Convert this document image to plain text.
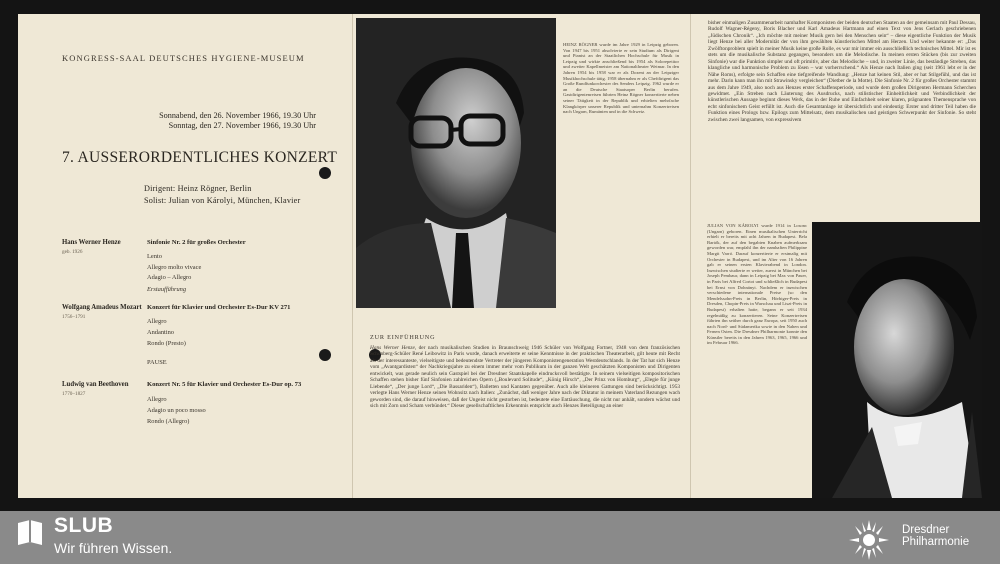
KONGRESS-SAAL DEUTSCHES HYGIENE-MUSEUM
Sonnabend, den 26. November 1966, 19.30 Uhr
Sonntag, den 27. November 1966, 19.30 Uhr
7. AUSSERORDENTLICHES KONZERT
Dirigent: Heinz Rögner, Berlin
Solist: Julian von Károlyi, München, Klavier
Hans Werner Henze
geb. 1926
Sinfonie Nr. 2 für großes Orchester
Lento
Allegro molto vivace
Adagio – Allegro
Erstaufführung
Wolfgang Amadeus Mozart
1756–1791
Konzert für Klavier und Orchester Es-Dur KV 271
Allegro
Andantino
Rondo (Presto)
PAUSE
Ludwig van Beethoven
1770–1827
Konzert Nr. 5 für Klavier und Orchester Es-Dur op. 73
Allegro
Adagio un poco mosso
Rondo (Allegro)
HEINZ RÖGNER wurde im Jahre 1929 in Leipzig geboren. Von 1947 bis 1951 absolvierte er sein Studium als Dirigent und Pianist an der Staatlichen Hochschule für Musik in Leipzig und wirkte anschließend bis 1954 als Solorepetitor und zweiter Kapellmeister am Nationaltheater Weimar. In den Jahren 1954 bis 1958 war er als Dozent an der Leipziger Musikhochschule tätig. 1958 übernahm er als Chefdirigent das Große Rundfunkorchester des Senders Leipzig. 1962 wurde er an die Deutsche Staatsoper Berlin berufen. Gastdirigentenreisen führten Heinz Rögner konzertierte neben seiner Tätigkeit in der Republik und erhielten mehrfache Klangkörper unserer Republik und unternahm Konzertreisen nach Ungarn, Rumänien und in die Schweiz.
ZUR EINFÜHRUNG
Hans Werner Henze, der nach musikalischen Studien in Braunschweig 1946 Schüler von Wolfgang Fortner, 1948 von dem französischen Schönberg-Schüler René Leibowitz in Paris wurde, danach erweiterte er seine Kenntnisse in der praktischen Theaterarbeit, gilt heute mit Recht als der interessanteste, vielseitigste und bedeutendste Vertreter der jüngeren Komponistengeneration Westdeutschlands. In der Tat hat sich Henze vom „Avantgardisten“ der Nachkriegsjahre zu einem immer mehr vom Publikum in der ganzen Welt geschätzten Komponisten und Dirigenten entwickelt, was gerade neulich sein Gastspiel bei der Dresdner Staatskapelle eindrucksvoll bestätigte. In seinem vielseitigen kompositorischen Schaffen stehen bisher fünf Sinfonien zahlreichen Opern („Boulevard Solitude“, „König Hirsch“, „Der Prinz von Homburg“, „Elegie für junge Liebende“, „Der junge Lord“, „Die Bassariden“), Balletten und Kantaten gegenüber. Auch alle kleineren Gattungen sind berücksichtigt. 1953 verlegte Hans Werner Henze seinen Wohnsitz nach Italien: „Zunächst, daß weniger Jahre nach der Diktatur in meinem Vaterland Rezungen wach geworden sind, die darauf hinweisen, daß der Ungeist nicht gestorben ist, bedeutete eine Enttäuschung, die nicht nur anhält, sondern wächst und sich mit Zorn und Scham verbündet.“ Dieser gesellschaftlichen Erkenntnis entspricht auch Henzes Beteiligung an einer
bisher einmaligen Zusammenarbeit namhafter Komponisten der beiden deutschen Staaten an der gemeinsam mit Paul Dessau, Rudolf Wagner-Régeny, Boris Blacher und Karl Amadeus Hartmann auf einen Text von Jens Gerlach geschriebenen „Jüdischen Chronik“. „Ich möchte mit meiner Musik gern bei den Menschen sein“ – diese eigentliche Funktion der Musik liegt Henze bei aller Modernität der von ihm gewählten künstlerischen Mittel am Herzen. Und weiter bekannte er: „Das Zwölftonproblem spielt in meiner Musik keine große Rolle, es war mir immer ein ausschließlich technisches Mittel. Mir ist es stets um die musikalische Substanz gegangen, besonders um die Melodische. In meinen ersten Stücken (bis zur zweiten Sinfonie) war die Funktion simpler und oft primitiv, aber das Melodische – und, in zweiter Linie, das beständige Streben, das klangliche und harmonische Problem zu lösen – war vorherrschend.“ Als Henze nach Italien ging (seit 1961 lebt er in der Nähe Roms), erfolgte sein Schaffen eine tiefgreifende Wandlung: „Henze hat keinen Stil, aber er hat Stilgefühl, und das ist mehr. Darin kann man ihn mit Strawinsky vergleichen“ (Dietber de la Motte). Die Sinfonie Nr. 2 für großes Orchester stammt aus dem Jahre 1949, also noch aus Henzes erster Schaffensperiode, und wurde dem großen Dirigenten Hermann Scherchen gewidmet. „Ein Streben nach Läuterung des Ausdrucks, nach stilistischer Einheitlichkeit und Verbindlichkeit der künstlerischen Aussage beginnt dieses Werk, das in der Ruhe und Einfachheit seiner klaren, prägnanten Themensprache von echt sinfonischem Geist erfüllt ist. Auch die Gesamtanlage ist übersichtlich und eindeutig: Erster und dritter Teil haben die Funktion eines Prologs bzw. Epilogs zum Mittelsatz, dem musikalischen und geistigen Schwerpunkt der Sinfonie. So steht zwischen zwei langsamen, von expressivem
JULIAN VON KÁROLYI wurde 1914 in Losonc (Ungarn) geboren. Einen musikalischen Unterricht erhielt er bereits mit acht Jahren in Budapest. Bela Bartók, der auf den begabten Knaben aufmerksam geworden war, empfahl ihn der namhaften Philippine Margit Varró. Darauf konzertierte er erstmalig mit Orchester in Budapest, und im Alter von 16 Jahren gab er seinen ersten Klavierabend in London. Inzwischen studierte er weiter, zuerst in München bei Joseph Pembaur, dann in Leipzig bei Max von Pauer, in Paris bei Alfred Cortot und schließlich in Budapest bei Ernst von Dohnányi. Nachdem er inzwischen verschiedene internationale Preise (so den Mendelssohn-Preis in Berlin, Hörbiger-Preis in Dresden, Chopin-Preis in Warschau und Liszt-Preis in Budapest) erhalten hatte, begann er seit 1934 regelmäßig zu konzertieren. Seine Konzertreisen führten ihn seither durch ganz Europa, seit 1950 auch nach Nord- und Südamerika sowie in den Nahen und Fernen Osten. Die Dresdner Philharmonie konnte den Künstler bereits in den Jahren 1963, 1965, 1966 und im Februar 1966.
SLUB
Wir führen Wissen.
Dresdner
Philharmonie
